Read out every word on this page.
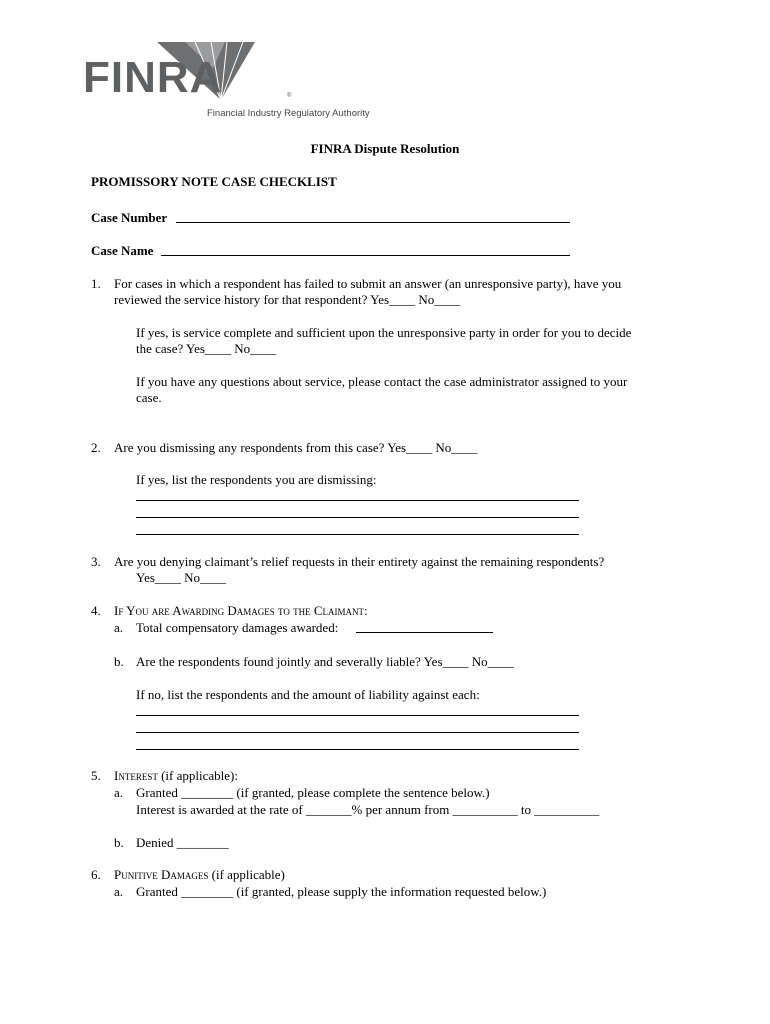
FINRA	®
Financial Industry Regulatory Authority
FINRA Dispute Resolution
PROMISSORY NOTE CASE CHECKLIST
Case Number
Case Name
1. For cases in which a respondent has failed to submit an answer (an unresponsive party), have you
reviewed the service history for that respondent? Yes____ No____
If yes, is service complete and sufficient upon the unresponsive party in order for you to decide
the case? Yes____ No____
If you have any questions about service, please contact the case administrator assigned to your
case.
2. Are you dismissing any respondents from this case? Yes____ No____
If yes, list the respondents you are dismissing:
3. Are you denying claimant’s relief requests in their entirety against the remaining respondents?
Yes____ No____
4. If You are Awarding Damages to the Claimant:
a. Total compensatory damages awarded:
b. Are the respondents found jointly and severally liable? Yes____ No____
If no, list the respondents and the amount of liability against each:
5. Interest (if applicable):
a. Granted ________ (if granted, please complete the sentence below.)
Interest is awarded at the rate of _______% per annum from __________ to __________
b. Denied ________
6. Punitive Damages (if applicable)
a. Granted ________ (if granted, please supply the information requested below.)
